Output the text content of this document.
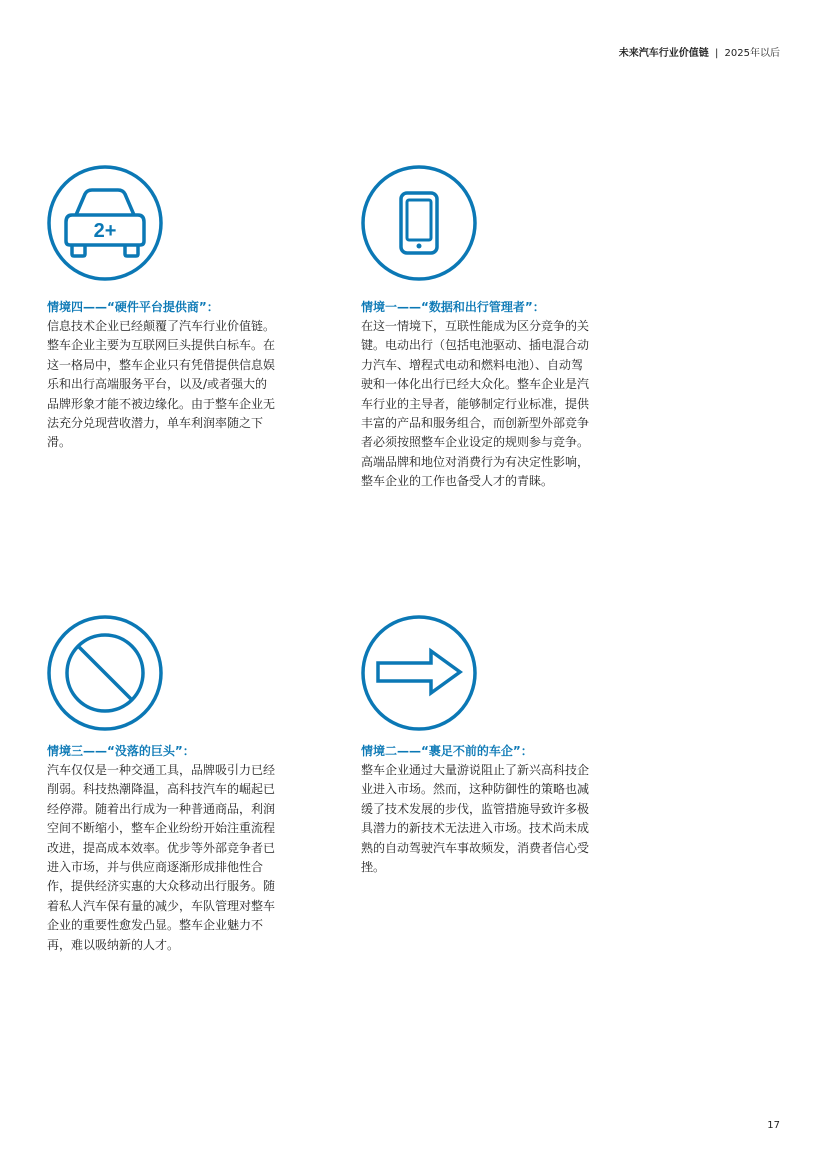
未来汽车行业价值链 | 2025年以后
2+
情境四——“硬件平台提供商”：

信息技术企业已经颠覆了汽车行业价值链。整车企业主要为互联网巨头提供白标车。在这一格局中，整车企业只有凭借提供信息娱乐和出行高端服务平台，以及/或者强大的品牌形象才能不被边缘化。由于整车企业无法充分兑现营收潜力，单车利润率随之下滑。

情境一——“数据和出行管理者”：

在这一情境下，互联性能成为区分竞争的关键。电动出行（包括电池驱动、插电混合动力汽车、增程式电动和燃料电池）、自动驾驶和一体化出行已经大众化。整车企业是汽车行业的主导者，能够制定行业标准，提供丰富的产品和服务组合，而创新型外部竞争者必须按照整车企业设定的规则参与竞争。高端品牌和地位对消费行为有决定性影响，整车企业的工作也备受人才的青睐。

情境三——“没落的巨头”：

汽车仅仅是一种交通工具，品牌吸引力已经削弱。科技热潮降温，高科技汽车的崛起已经停滞。随着出行成为一种普通商品，利润空间不断缩小，整车企业纷纷开始注重流程改进，提高成本效率。优步等外部竞争者已进入市场，并与供应商逐渐形成排他性合作，提供经济实惠的大众移动出行服务。随着私人汽车保有量的减少，车队管理对整车企业的重要性愈发凸显。整车企业魅力不再，难以吸纳新的人才。

情境二——“裹足不前的车企”：

整车企业通过大量游说阻止了新兴高科技企业进入市场。然而，这种防御性的策略也减缓了技术发展的步伐，监管措施导致许多极具潜力的新技术无法进入市场。技术尚未成熟的自动驾驶汽车事故频发，消费者信心受挫。

17
